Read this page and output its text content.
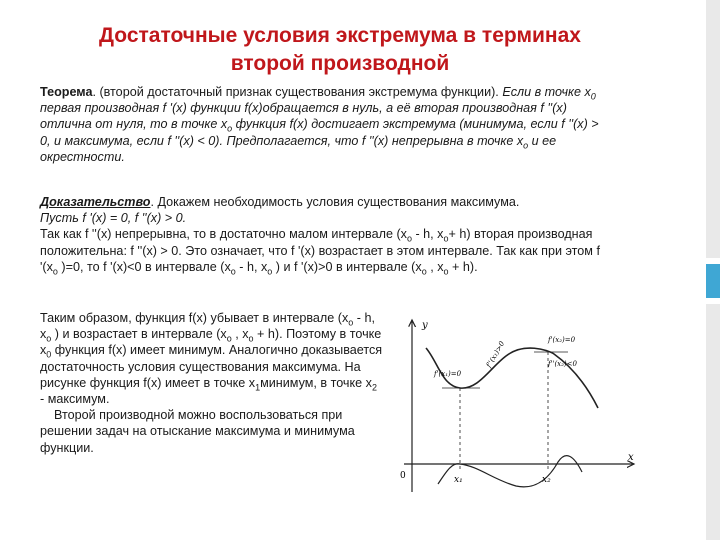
Достаточные условия экстремума в терминах
второй производной

Теорема. (второй достаточный признак существования экстремума функции). Если в точке $x_0$ первая производная f '(x) функции f(x)обращается в нуль, а её вторая производная f ''(x) отлична от нуля, то в точке $x_o$ функция f(x) достигает экстремума (минимума, если f ''(x) > 0, и максимума, если f ''(x) < 0). Предполагается, что f ''(x) непрерывна в точке $x_o$ и ее окрестности.

Доказательство. Докажем необходимость условия существования максимума.

Пусть f '(x) = 0, f ''(x) > 0.

Так как f ''(x) непрерывна, то в достаточно малом интервале ($x_o$ - h, $x_o+ h$) вторая производная положительна: f ''(x) > 0. Это означает, что f '(x) возрастает в этом интервале. Так как при этом f '($x_o$ )=0, то f '(x)<0 в интервале ($x_o$ - h, $x_o$ ) и f '(x)>0 в интервале ($x_o$ , $x_o + h$).

Таким образом, функция f(x) убывает в интервале ($x_o$ - h, $x_o$ ) и возрастает в интервале ($x_o$ , $x_o + h$). Поэтому в точке $x_0$ функция f(x) имеет минимум. Аналогично доказывается достаточность условия существования максимума. На рисунке функция f(x) имеет в точке $x_1минимум$, в точке $x_2$ - максимум.

Второй производной можно воспользоваться при решении задач на отыскание максимума и минимума функции.

y
x
0	x₁	x₂
f'(x₁)=0
f''(x₁)>0	f'(x₂)=0
f''(x₂)<0
